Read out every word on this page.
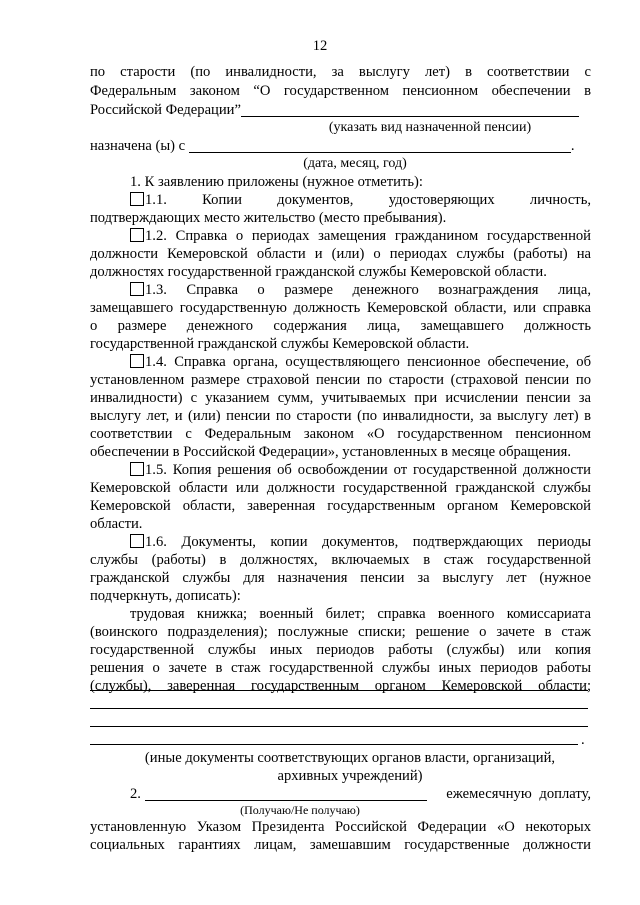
12
по старости (по инвалидности, за выслугу лет) в соответствии с
Федеральным законом “О государственном пенсионном обеспечении в
Российской Федерации”
(указать вид назначенной пенсии)
назначена (ы) с	.
(дата, месяц, год)
1. К заявлению приложены (нужное отметить):
1.1. Копии документов, удостоверяющих личность,
подтверждающих место жительство (место пребывания).
1.2. Справка о периодах замещения гражданином государственной
должности Кемеровской области и (или) о периодах службы (работы) на
должностях государственной гражданской службы Кемеровской области.
1.3. Справка о размере денежного вознаграждения лица,
замещавшего государственную должность Кемеровской области, или справка
о размере денежного содержания лица, замещавшего должность
государственной гражданской службы Кемеровской области.
1.4. Справка органа, осуществляющего пенсионное обеспечение, об
установленном размере страховой пенсии по старости (страховой пенсии по
инвалидности) с указанием сумм, учитываемых при исчислении пенсии за
выслугу лет, и (или) пенсии по старости (по инвалидности, за выслугу лет) в
соответствии с Федеральным законом «О государственном пенсионном
обеспечении в Российской Федерации», установленных в месяце обращения.
1.5. Копия решения об освобождении от государственной должности
Кемеровской области или должности государственной гражданской службы
Кемеровской области, заверенная государственным органом Кемеровской
области.
1.6. Документы, копии документов, подтверждающих периоды
службы (работы) в должностях, включаемых в стаж государственной
гражданской службы для назначения пенсии за выслугу лет (нужное
подчеркнуть, дописать):
трудовая книжка; военный билет; справка военного комиссариата
(воинского подразделения); послужные списки; решение о зачете в стаж
государственной службы иных периодов работы (службы) или копия
решения о зачете в стаж государственной службы иных периодов работы
(службы), заверенная государственным органом Кемеровской области;
.
(иные документы соответствующих органов власти, организаций,
архивных учреждений)
2.	ежемесячную доплату,
(Получаю/Не получаю)
установленную Указом Президента Российской Федерации «О некоторых
социальных гарантиях лицам, замешавшим государственные должности
